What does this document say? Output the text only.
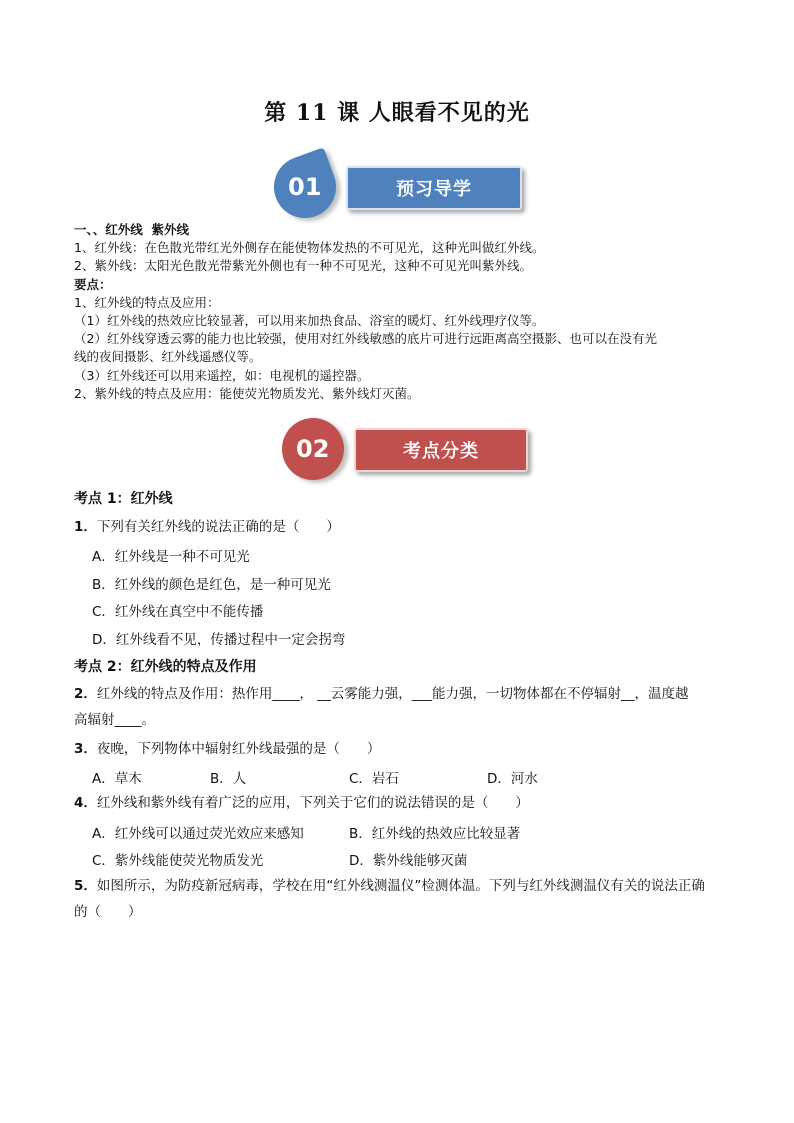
第 11 课 人眼看不见的光
预习导学
01
一、、红外线  紫外线
1、红外线：在色散光带红光外侧存在能使物体发热的不可见光，这种光叫做红外线。
2、紫外线：太阳光色散光带紫光外侧也有一种不可见光，这种不可见光叫紫外线。
要点：
1、红外线的特点及应用：
（1）红外线的热效应比较显著，可以用来加热食品、浴室的暖灯、红外线理疗仪等。
（2）红外线穿透云雾的能力也比较强，使用对红外线敏感的底片可进行远距离高空摄影、也可以在没有光
线的夜间摄影、红外线遥感仪等。
（3）红外线还可以用来遥控，如：电视机的遥控器。
2、紫外线的特点及应用：能使荧光物质发光、紫外线灯灭菌。
考点分类
02
考点 1：红外线
1．下列有关红外线的说法正确的是（　　）
A．红外线是一种不可见光
B．红外线的颜色是红色，是一种可见光
C．红外线在真空中不能传播
D．红外线看不见，传播过程中一定会拐弯
考点 2：红外线的特点及作用
2．红外线的特点及作用：热作用____， __云雾能力强，___能力强，一切物体都在不停辐射__，温度越
高辐射____。
3．夜晚，下列物体中辐射红外线最强的是（　　）
A．草木	B．人	C．岩石	D．河水
4．红外线和紫外线有着广泛的应用，下列关于它们的说法错误的是（　　）
A．红外线可以通过荧光效应来感知	B．红外线的热效应比较显著
C．紫外线能使荧光物质发光	D．紫外线能够灭菌
5．如图所示，为防疫新冠病毒，学校在用“红外线测温仪”检测体温。下列与红外线测温仪有关的说法正确
的（　　）
